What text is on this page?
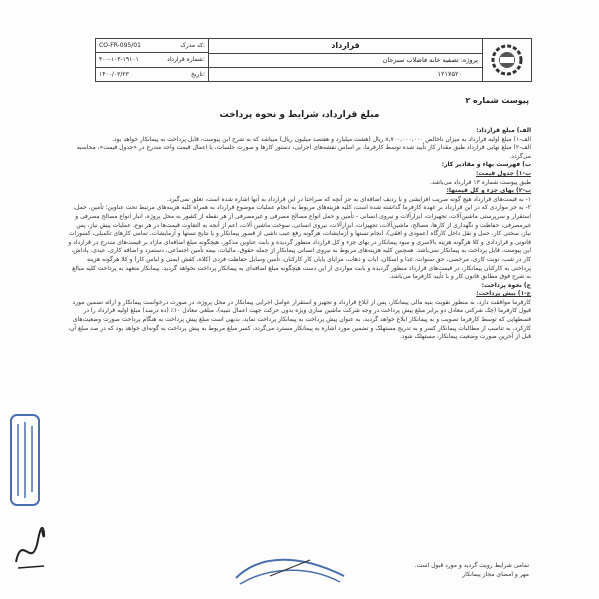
CO-FR-095/01	کد مدرک:
۴۰۰-۱۰۳-۱۹۱۰۱	شماره قرارداد:
۱۴۰۰/۰۳/۲۳	تاریخ:
قرارداد
پروژه: تصفیه خانه فاضلاب سبزجان
۱۲۱۷۵۲۰
پیوست شماره ۲
مبلغ قرارداد، شرایط و نحوه پرداخت

الف) مبلغ قرارداد:

الف-۱) مبلغ اولیه قرارداد به میزان ناخالص ۸,۷۰۰,۰۰۰,۰۰۰ ریال (هشت میلیارد و هفتصد میلیون ریال) میباشد که به شرح این پیوست، قابل پرداخت به پیمانکار خواهد بود.

الف-۲) مبلغ نهایی قرارداد طبق مقدار کار تأیید شده توسط کارفرما، بر اساس نقشه‌های اجرایی، دستور کارها و صورت جلسات، با اعمال قیمت واحد مندرج در «جدول قیمت»، محاسبه می‌گردد.

ب) فهرست بهاء و مقادیر کار:

ب-۱) جدول قیمت:

طبق پیوست شماره ۱۳ قرارداد می‌باشد.

ب-۲) بهای جزء و کل قیمتها:

۱- به قیمت‌های قرارداد هیچ گونه ضریب افزایشی و یا ردیف اضافه‌ای به جز آنچه که صراحتا در این قرارداد به آنها اشاره شده است، تعلق نمی‌گیرد.

۲- به جز مواردی که در این قرارداد بر عهده کارفرما گذاشته شده است، کلیه هزینه‌های مربوط به انجام عملیات موضوع قرارداد به همراه کلیه هزینه‌های مرتبط تحت عناوین؛ تأمین، حمل، استقرار و سرپرستی ماشین‌آلات، تجهیزات، ابزارآلات و نیروی انسانی - تأمین و حمل انواع مصالح مصرفی و غیرمصرفی از هر نقطه از کشور به محل پروژه، انبار انواع مصالح مصرفی و غیرمصرفی، حفاظت و نگهداری از کارها، مصالح، ماشین‌آلات، تجهیزات، ابزارآلات، نیروی انسانی، سوخت ماشین آلات، اعم از آنچه به التفاوت قیمت‌ها در هر نوع، عملیات پیش نیاز، پس نیاز، سختی کار، حمل و نقل داخل کارگاه (عمودی و افقی)، انجام تستها و آزمایشات، هرگونه رفع عیب ناشی از قصور پیمانکار و یا نتایج تستها و آزمایشات، تمامی کارهای تکمیلی، کسورات قانونی و قراردادی و کلا هرگونه هزینه بالاسری و سود پیمانکار در بهای جزء و کل قرارداد منظور گردیده و بابت عناوین مذکور، هیچگونه مبلغ اضافه‌ای مازاد بر قیمت‌های مندرج در قرارداد و این پیوست، قابل پرداخت به پیمانکار نمی‌باشد. همچنین کلیه هزینه‌های مربوط به نیروی انسانی پیمانکار از جمله حقوق، مالیات، بیمه تأمین اجتماعی، دستمزد و اضافه کاری، عیدی، پاداش، کار در شب، نوبت کاری، مرخصی، حق سنوات، غذا و اسکان، ایاب و ذهاب، مزایای پایان کار کارکنان، تأمین وسایل حفاظت فردی (کلاه، کفش ایمنی و لباس کار) و کلا هرگونه هزینه پرداختی به کارکنان پیمانکار، در قیمت‌های قرارداد منظور گردیده و بابت مواردی از این دست هیچگونه مبلغ اضافه‌ای به پیمانکار پرداخت نخواهد گردید. پیمانکار متعهد به پرداخت کلیه مبالغ به شرح فوق مطابق قانون کار و با تأیید کارفرما می‌باشد.

ج) نحوه پرداخت:

ج-۱) پیش پرداخت:

کارفرما موافقت دارد، به منظور تقویت بنیه مالی پیمانکار، پس از ابلاغ قرارداد و تجهیز و استقرار عوامل اجرایی پیمانکار در محل پروژه، در صورت درخواست پیمانکار و ارائه تضمین مورد قبول کارفرما (چک شرکتی معادل دو برابر مبلغ پیش پرداخت در وجه شرکت ماشین سازی ویژه بدون حرکت جهت اعمال تنبیه)، مبلغی معادل ۱۰٪ (ده درصد) مبلغ اولیه قرارداد را در قسطهایی که توسط کارفرما تصویب و به پیمانکار ابلاغ خواهد گردید، به عنوان پیش پرداخت به پیمانکار پرداخت نماید. بدیهی است مبلغ پیش پرداخت به هنگام پرداخت صورت وضعیت‌های کارکرد، به تناسب از مطالبات پیمانکار کسر و به تدریج مستهلک و تضمین مورد اشاره به پیمانکار مسترد می‌گردد. کسر مبلغ مربوط به پیش پرداخت به گونه‌ای خواهد بود که در صد مبلغ آن، قبل از آخرین صورت وضعیت پیمانکار، مستهلک شود.

تمامی شرایط رویت گردید و مورد قبول است.
مهر و امضای مجاز پیمانکار
